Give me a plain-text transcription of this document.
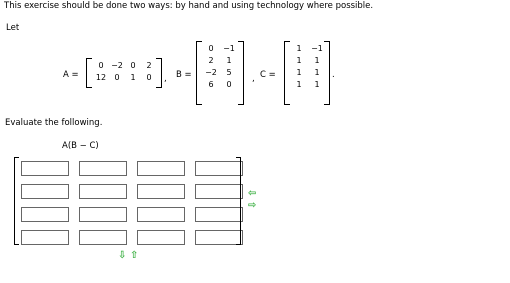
This exercise should be done two ways: by hand and using technology where possible.
Let
A =
0 −2 0	2
12	0	1	0	, B =
0	−1
2	1
−2	5
6	0
, C =
1	−1
1	1
1	1
1	1
.
Evaluate the following.
A(B − C)
⇦
⇨
⇩ ⇧
